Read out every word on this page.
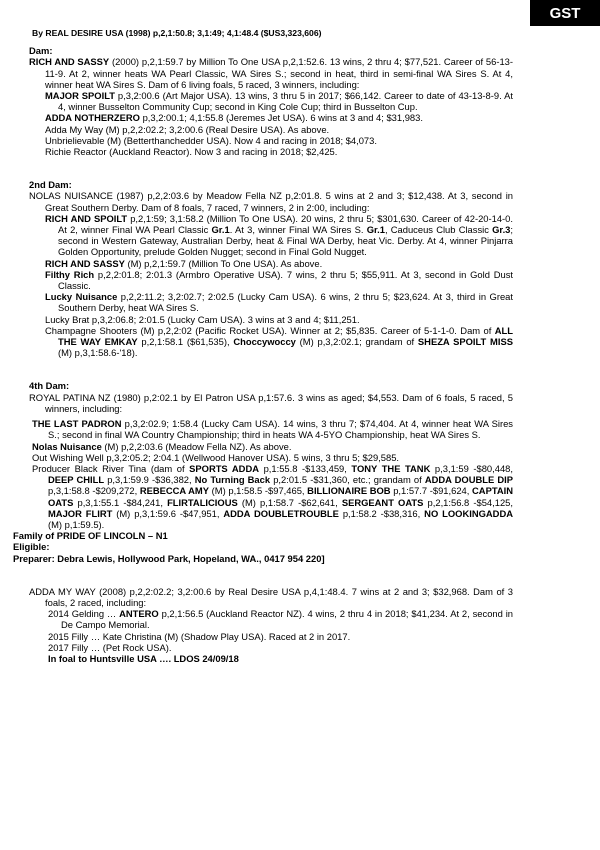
GST

By REAL DESIRE USA (1998) p,2,1:50.8; 3,1:49; 4,1:48.4 ($US3,323,606)

Dam:

RICH AND SASSY (2000) p,2,1:59.7 by Million To One USA p,2,1:52.6. 13 wins, 2 thru 4; $77,521. Career of 56-13-11-9. At 2, winner heats WA Pearl Classic, WA Sires S.; second in heat, third in semi-final WA Sires S. At 4, winner heat WA Sires S. Dam of 6 living foals, 5 raced, 3 winners, including:

MAJOR SPOILT p,3,2:00.6 (Art Major USA). 13 wins, 3 thru 5 in 2017; $66,142. Career to date of 43-13-8-9. At 4, winner Busselton Community Cup; second in King Cole Cup; third in Busselton Cup.

ADDA NOTHERZERO p,3,2:00.1; 4,1:55.8 (Jeremes Jet USA). 6 wins at 3 and 4; $31,983.

Adda My Way (M) p,2,2:02.2; 3,2:00.6 (Real Desire USA). As above.

Unbrielievable (M) (Betterthanchedder USA). Now 4 and racing in 2018; $4,073.

Richie Reactor (Auckland Reactor). Now 3 and racing in 2018; $2,425.

2nd Dam:

NOLAS NUISANCE (1987) p,2,2:03.6 by Meadow Fella NZ p,2:01.8. 5 wins at 2 and 3; $12,438. At 3, second in Great Southern Derby. Dam of 8 foals, 7 raced, 7 winners, 2 in 2:00, including:

RICH AND SPOILT p,2,1:59; 3,1:58.2 (Million To One USA). 20 wins, 2 thru 5; $301,630. Career of 42-20-14-0. At 2, winner Final WA Pearl Classic Gr.1. At 3, winner Final WA Sires S. Gr.1, Caduceus Club Classic Gr.3; second in Western Gateway, Australian Derby, heat & Final WA Derby, heat Vic. Derby. At 4, winner Pinjarra Golden Opportunity, prelude Golden Nugget; second in Final Gold Nugget.

RICH AND SASSY (M) p,2,1:59.7 (Million To One USA). As above.

Filthy Rich p,2,2:01.8; 2:01.3 (Armbro Operative USA). 7 wins, 2 thru 5; $55,911. At 3, second in Gold Dust Classic.

Lucky Nuisance p,2,2:11.2; 3,2:02.7; 2:02.5 (Lucky Cam USA). 6 wins, 2 thru 5; $23,624. At 3, third in Great Southern Derby, heat WA Sires S.

Lucky Brat p,3,2:06.8; 2:01.5 (Lucky Cam USA). 3 wins at 3 and 4; $11,251.

Champagne Shooters (M) p,2,2:02 (Pacific Rocket USA). Winner at 2; $5,835. Career of 5-1-1-0. Dam of ALL THE WAY EMKAY p,2,1:58.1 ($61,535), Choccywoccy (M) p,3,2:02.1; grandam of SHEZA SPOILT MISS (M) p,3,1:58.6-'18).

4th Dam:

ROYAL PATINA NZ (1980) p,2:02.1 by El Patron USA p,1:57.6. 3 wins as aged; $4,553. Dam of 6 foals, 5 raced, 5 winners, including:

THE LAST PADRON p,3,2:02.9; 1:58.4 (Lucky Cam USA). 14 wins, 3 thru 7; $74,404. At 4, winner heat WA Sires S.; second in final WA Country Championship; third in heats WA 4-5YO Championship, heat WA Sires S.

Nolas Nuisance (M) p,2,2:03.6 (Meadow Fella NZ). As above.

Out Wishing Well p,3,2:05.2; 2:04.1 (Wellwood Hanover USA). 5 wins, 3 thru 5; $29,585.

Producer Black River Tina (dam of SPORTS ADDA p,1:55.8 -$133,459, TONY THE TANK p,3,1:59 -$80,448, DEEP CHILL p,3,1:59.9 -$36,382, No Turning Back p,2:01.5 -$31,360, etc.; grandam of ADDA DOUBLE DIP p,3,1:58.8 -$209,272, REBECCA AMY (M) p,1:58.5 -$97,465, BILLIONAIRE BOB p,1:57.7 -$91,624, CAPTAIN OATS p,3,1:55.1 -$84,241, FLIRTALICIOUS (M) p,1:58.7 -$62,641, SERGEANT OATS p,2,1:56.8 -$54,125, MAJOR FLIRT (M) p,3,1:59.6 -$47,951, ADDA DOUBLETROUBLE p,1:58.2 -$38,316, NO LOOKINGADDA (M) p,1:59.5).

Family of PRIDE OF LINCOLN – N1

Eligible:

Preparer: Debra Lewis, Hollywood Park, Hopeland, WA., 0417 954 220]

ADDA MY WAY (2008) p,2,2:02.2; 3,2:00.6 by Real Desire USA p,4,1:48.4. 7 wins at 2 and 3; $32,968. Dam of 3 foals, 2 raced, including:

2014 Gelding … ANTERO p,2,1:56.5 (Auckland Reactor NZ). 4 wins, 2 thru 4 in 2018; $41,234. At 2, second in De Campo Memorial.

2015 Filly … Kate Christina (M) (Shadow Play USA). Raced at 2 in 2017.

2017 Filly … (Pet Rock USA).

In foal to Huntsville USA …. LDOS 24/09/18
